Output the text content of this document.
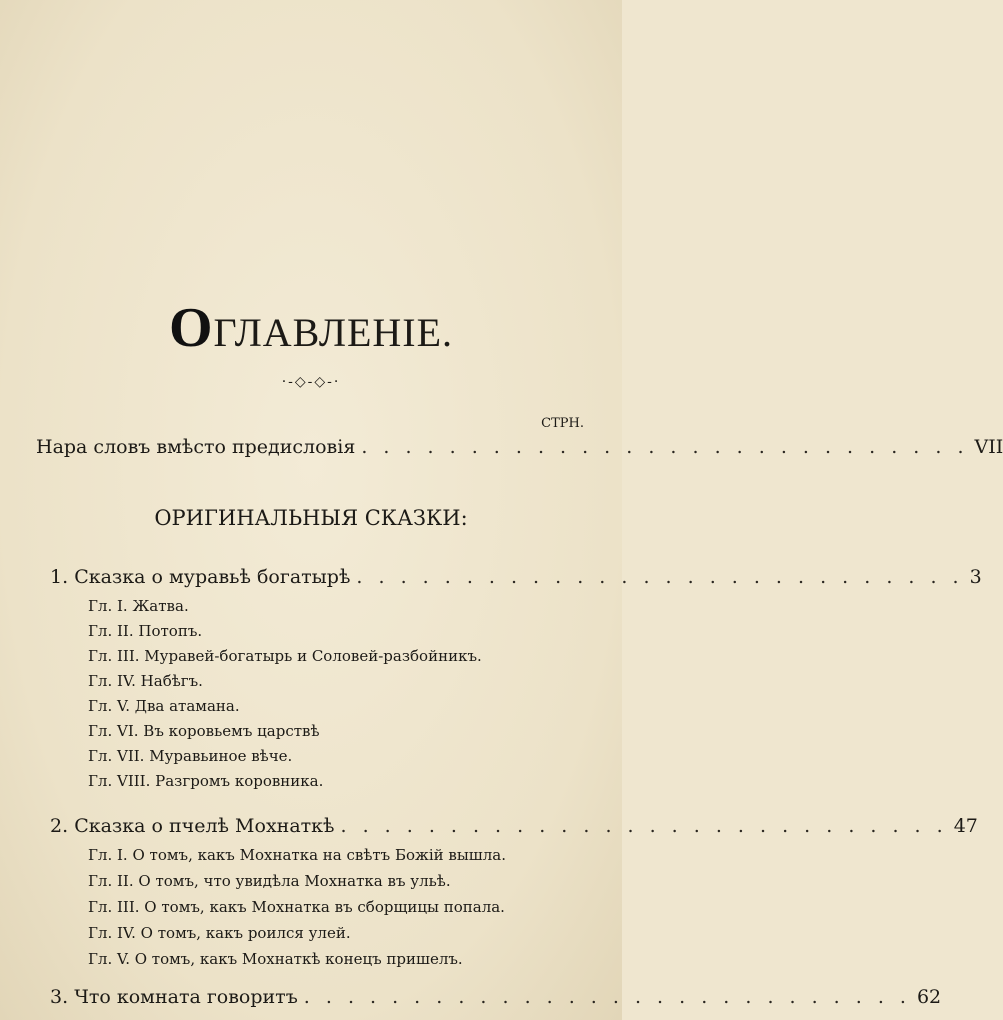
ОГЛАВЛЕНІЕ.
·-◇-◇-·
СТРН.
Нара словъ вмѣсто предисловія . . . . . . . . . . . . . . . . . . . . . . . . . . . . VII
ОРИГИНАЛЬНЫЯ СКАЗКИ:
1.
Сказка о муравьѣ богатырѣ . . . . . . . . . . . . . . . . . . . . . . . . . . . . 3
Гл. I. Жатва.
Гл. II. Потопъ.
Гл. III. Муравей-богатырь и Соловей-разбойникъ.
Гл. IV. Набѣгъ.
Гл. V. Два атамана.
Гл. VI. Въ коровьемъ царствѣ
Гл. VII. Муравьиное вѣче.
Гл. VIII. Разгромъ коровника.
2.
Сказка о пчелѣ Мохнаткѣ . . . . . . . . . . . . . . . . . . . . . . . . . . . . 47
Гл. I. О томъ, какъ Мохнатка на свѣтъ Божій вышла.
Гл. II. О томъ, что увидѣла Мохнатка въ ульѣ.
Гл. III. О томъ, какъ Мохнатка въ сборщицы попала.
Гл. IV. О томъ, какъ роился улей.
Гл. V. О томъ, какъ Мохнаткѣ конецъ пришелъ.
3.
Что комната говоритъ . . . . . . . . . . . . . . . . . . . . . . . . . . . . 62
